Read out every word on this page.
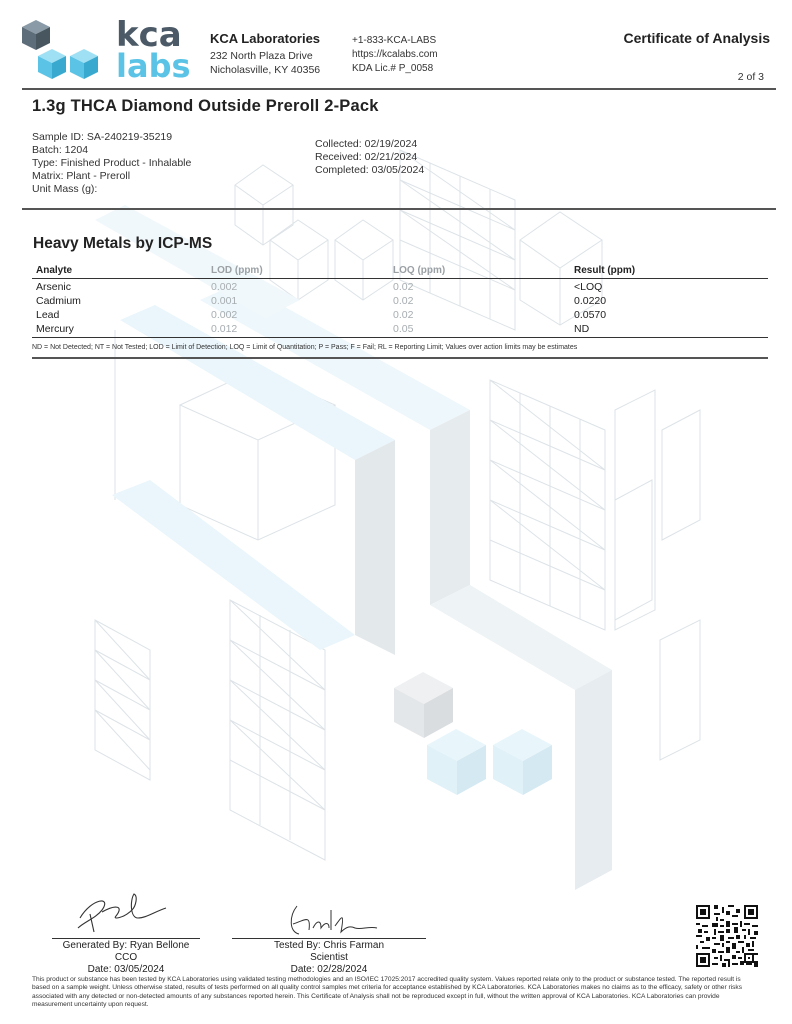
kca
labs
KCA Laboratories
232 North Plaza Drive
Nicholasville, KY 40356
+1-833-KCA-LABS
https://kcalabs.com
KDA Lic.# P_0058
Certificate of Analysis
2 of 3
1.3g THCA Diamond Outside Preroll 2-Pack
Sample ID: SA-240219-35219
Batch: 1204
Type: Finished Product - Inhalable
Matrix: Plant - Preroll
Unit Mass (g):
Collected: 02/19/2024
Received: 02/21/2024
Completed: 03/05/2024
Heavy Metals by ICP-MS
Analyte	LOD (ppm)	LOQ (ppm)	Result (ppm)
Arsenic	0.002	0.02	<LOQ
Cadmium	0.001	0.02	0.0220
Lead	0.002	0.02	0.0570
Mercury	0.012	0.05	ND
ND = Not Detected; NT = Not Tested; LOD = Limit of Detection; LOQ = Limit of Quantitation; P = Pass; F = Fail; RL = Reporting Limit; Values over action limits may be estimates
Generated By: Ryan Bellone
CCO
Date: 03/05/2024
Tested By: Chris Farman
Scientist
Date: 02/28/2024
This product or substance has been tested by KCA Laboratories using validated testing methodologies and an ISO/IEC 17025:2017 accredited quality system. Values reported relate only to the product or substance tested. The reported result is based on a sample weight. Unless otherwise stated, results of tests performed on all quality control samples met criteria for acceptance established by KCA Laboratories. KCA Laboratories makes no claims as to the efficacy, safety or other risks associated with any detected or non-detected amounts of any substances reported herein. This Certificate of Analysis shall not be reproduced except in full, without the written approval of KCA Laboratories. KCA Laboratories can provide measurement uncertainty upon request.
